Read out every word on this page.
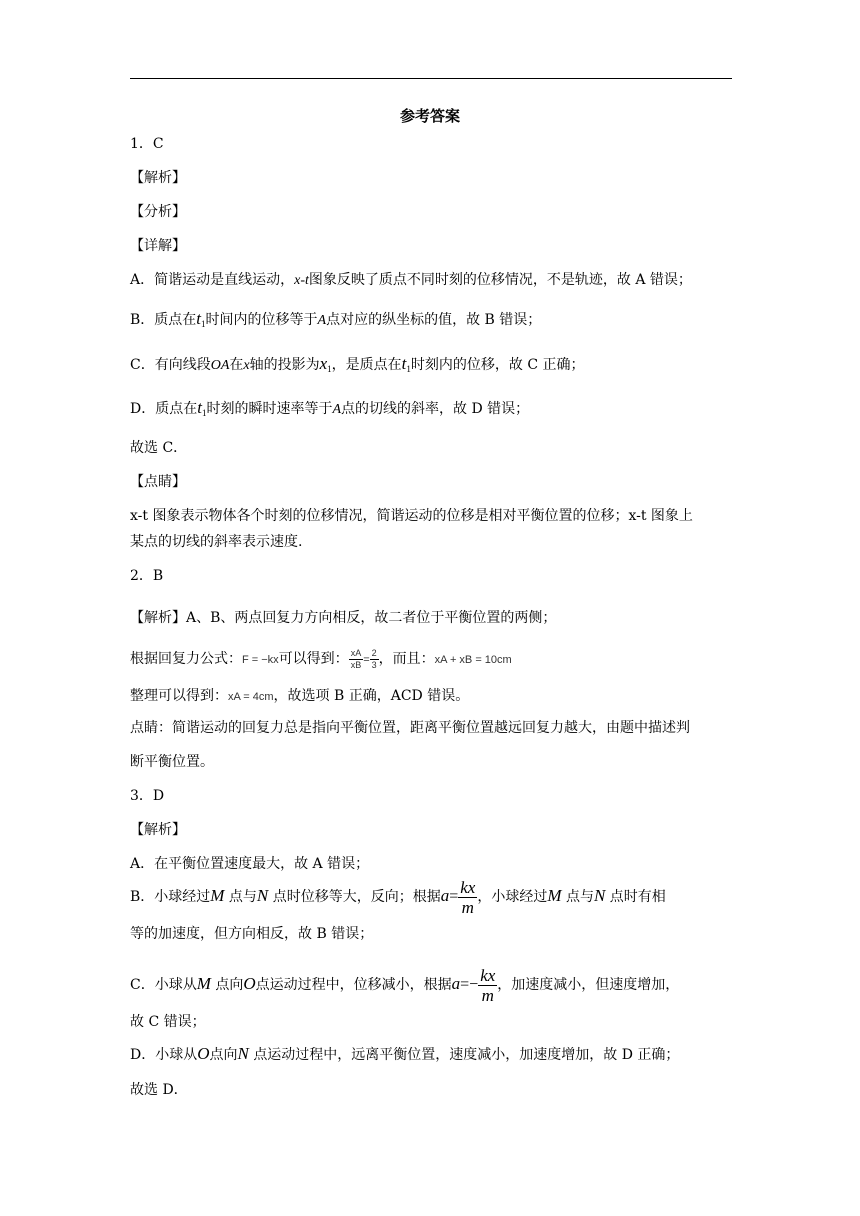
参考答案
1．C
【解析】
【分析】
【详解】
A．简谐运动是直线运动，x-t图象反映了质点不同时刻的位移情况，不是轨迹，故 A 错误；
B．质点在$t_1$时间内的位移等于A点对应的纵坐标的值，故 B 错误；
C．有向线段OA在x轴的投影为$x_1$，是质点在$t_1$时刻内的位移，故 C 正确；
D．质点在$t_1$时刻的瞬时速率等于A点的切线的斜率，故 D 错误；
故选 C．
【点睛】
x-t 图象表示物体各个时刻的位移情况，简谐运动的位移是相对平衡位置的位移；x-t 图象上
某点的切线的斜率表示速度.
2．B
【解析】A、B、两点回复力方向相反，故二者位于平衡位置的两侧；
根据回复力公式：F = −kx可以得到： $\frac{xA}{xB} = \frac{2}{3}$ ，而且：xA + xB = 10cm
整理可以得到：xA = 4cm，故选项 B 正确，ACD 错误。
点睛：简谐运动的回复力总是指向平衡位置，距离平衡位置越远回复力越大，由题中描述判
断平衡位置。
3．D
【解析】
A．在平衡位置速度最大，故 A 错误；
B．小球经过M 点与N 点时位移等大，反向；根据$a= \frac{kx}{m}$ ，小球经过M 点与N 点时有相
等的加速度，但方向相反，故 B 错误；
C．小球从M 点向O点运动过程中，位移减小，根据$a=- \frac{kx}{m}$ ，加速度减小，但速度增加，
故 C 错误；
D．小球从O点向N 点运动过程中，远离平衡位置，速度减小，加速度增加，故 D 正确；
故选 D．
